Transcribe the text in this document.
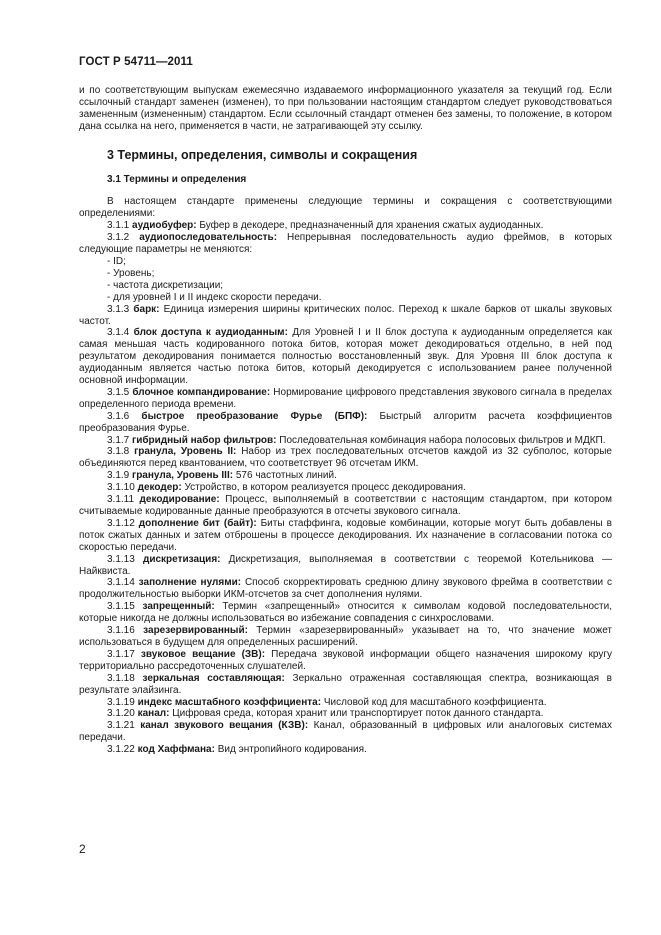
ГОСТ Р 54711—2011

и по соответствующим выпускам ежемесячно издаваемого информационного указателя за текущий год. Если ссылочный стандарт заменен (изменен), то при пользовании настоящим стандартом следует руководствоваться замененным (измененным) стандартом. Если ссылочный стандарт отменен без замены, то положение, в котором дана ссылка на него, применяется в части, не затрагивающей эту ссылку.

3 Термины, определения, символы и сокращения
3.1 Термины и определения

В настоящем стандарте применены следующие термины и сокращения с соответствующими определениями:

3.1.1 аудиобуфер: Буфер в декодере, предназначенный для хранения сжатых аудиоданных.

3.1.2 аудиопоследовательность: Непрерывная последовательность аудио фреймов, в которых следующие параметры не меняются:

- ID;

- Уровень;

- частота дискретизации;

- для уровней I и II индекс скорости передачи.

3.1.3 барк: Единица измерения ширины критических полос. Переход к шкале барков от шкалы звуковых частот.

3.1.4 блок доступа к аудиоданным: Для Уровней I и II блок доступа к аудиоданным определяется как самая меньшая часть кодированного потока битов, которая может декодироваться отдельно, в ней под результатом декодирования понимается полностью восстановленный звук. Для Уровня III блок доступа к аудиоданным является частью потока битов, который декодируется с использованием ранее полученной основной информации.

3.1.5 блочное компандирование: Нормирование цифрового представления звукового сигнала в пределах определенного периода времени.

3.1.6 быстрое преобразование Фурье (БПФ): Быстрый алгоритм расчета коэффициентов преобразования Фурье.

3.1.7 гибридный набор фильтров: Последовательная комбинация набора полосовых фильтров и МДКП.

3.1.8 гранула, Уровень II: Набор из трех последовательных отсчетов каждой из 32 субполос, которые объединяются перед квантованием, что соответствует 96 отсчетам ИКМ.

3.1.9 гранула, Уровень III: 576 частотных линий.

3.1.10 декодер: Устройство, в котором реализуется процесс декодирования.

3.1.11 декодирование: Процесс, выполняемый в соответствии с настоящим стандартом, при котором считываемые кодированные данные преобразуются в отсчеты звукового сигнала.

3.1.12 дополнение бит (байт): Биты стаффинга, кодовые комбинации, которые могут быть добавлены в поток сжатых данных и затем отброшены в процессе декодирования. Их назначение в согласовании потока со скоростью передачи.

3.1.13 дискретизация: Дискретизация, выполняемая в соответствии с теоремой Котельникова — Найквиста.

3.1.14 заполнение нулями: Способ скорректировать среднюю длину звукового фрейма в соответствии с продолжительностью выборки ИКМ-отсчетов за счет дополнения нулями.

3.1.15 запрещенный: Термин «запрещенный» относится к символам кодовой последовательности, которые никогда не должны использоваться во избежание совпадения с синхрословами.

3.1.16 зарезервированный: Термин «зарезервированный» указывает на то, что значение может использоваться в будущем для определенных расширений.

3.1.17 звуковое вещание (ЗВ): Передача звуковой информации общего назначения широкому кругу территориально рассредоточенных слушателей.

3.1.18 зеркальная составляющая: Зеркально отраженная составляющая спектра, возникающая в результате элайзинга.

3.1.19 индекс масштабного коэффициента: Числовой код для масштабного коэффициента.

3.1.20 канал: Цифровая среда, которая хранит или транспортирует поток данного стандарта.

3.1.21 канал звукового вещания (КЗВ): Канал, образованный в цифровых или аналоговых системах передачи.

3.1.22 код Хаффмана: Вид энтропийного кодирования.

2
